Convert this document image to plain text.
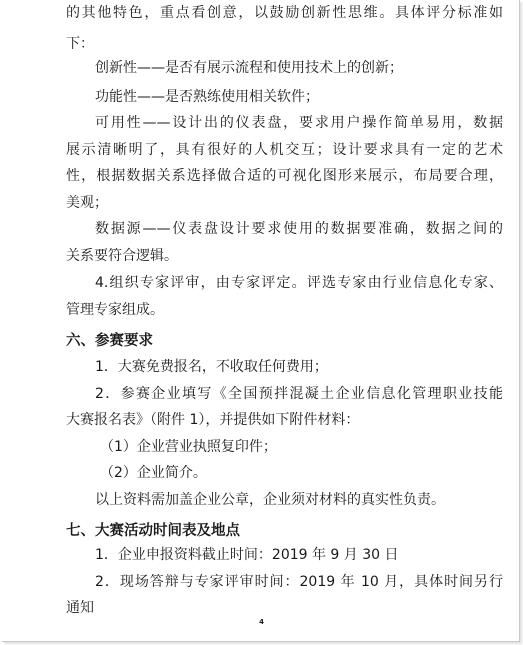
的其他特色，重点看创意，以鼓励创新性思维。具体评分标准如
下：
创新性——是否有展示流程和使用技术上的创新；
功能性——是否熟练使用相关软件；
可用性——设计出的仪表盘，要求用户操作简单易用，数据
展示清晰明了，具有很好的人机交互；设计要求具有一定的艺术
性，根据数据关系选择做合适的可视化图形来展示，布局要合理，
美观；
数据源——仪表盘设计要求使用的数据要准确，数据之间的
关系要符合逻辑。
4.组织专家评审，由专家评定。评选专家由行业信息化专家、
管理专家组成。
六、参赛要求
1．大赛免费报名，不收取任何费用；
2．参赛企业填写《全国预拌混凝土企业信息化管理职业技能
大赛报名表》（附件 1），并提供如下附件材料：
（1）企业营业执照复印件；
（2）企业简介。
以上资料需加盖企业公章，企业须对材料的真实性负责。
七、大赛活动时间表及地点
1．企业申报资料截止时间：2019 年 9 月 30 日
2．现场答辩与专家评审时间：2019 年 10 月，具体时间另行
通知
4
